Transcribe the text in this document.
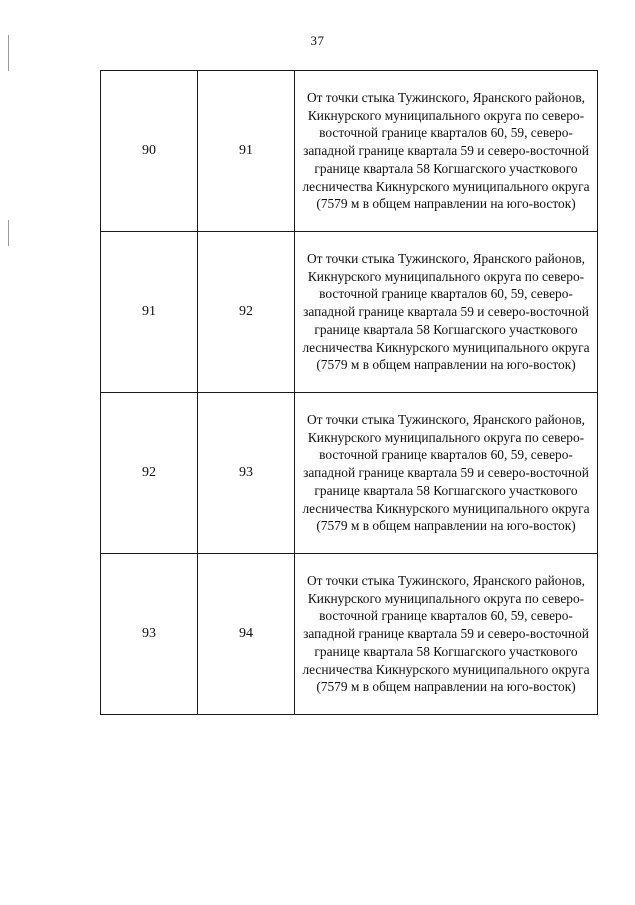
37
90	91	От точки стыка Тужинского, Яранского районов, Кикнурского муниципального округа по северо-восточной границе кварталов 60, 59, северо-западной границе квартала 59 и северо-восточной границе квартала 58 Когшагского участкового лесничества Кикнурского муниципального округа (7579 м в общем направлении на юго-восток)
91	92	От точки стыка Тужинского, Яранского районов, Кикнурского муниципального округа по северо-восточной границе кварталов 60, 59, северо-западной границе квартала 59 и северо-восточной границе квартала 58 Когшагского участкового лесничества Кикнурского муниципального округа (7579 м в общем направлении на юго-восток)
92	93	От точки стыка Тужинского, Яранского районов, Кикнурского муниципального округа по северо-восточной границе кварталов 60, 59, северо-западной границе квартала 59 и северо-восточной границе квартала 58 Когшагского участкового лесничества Кикнурского муниципального округа (7579 м в общем направлении на юго-восток)
93	94	От точки стыка Тужинского, Яранского районов, Кикнурского муниципального округа по северо-восточной границе кварталов 60, 59, северо-западной границе квартала 59 и северо-восточной границе квартала 58 Когшагского участкового лесничества Кикнурского муниципального округа (7579 м в общем направлении на юго-восток)
